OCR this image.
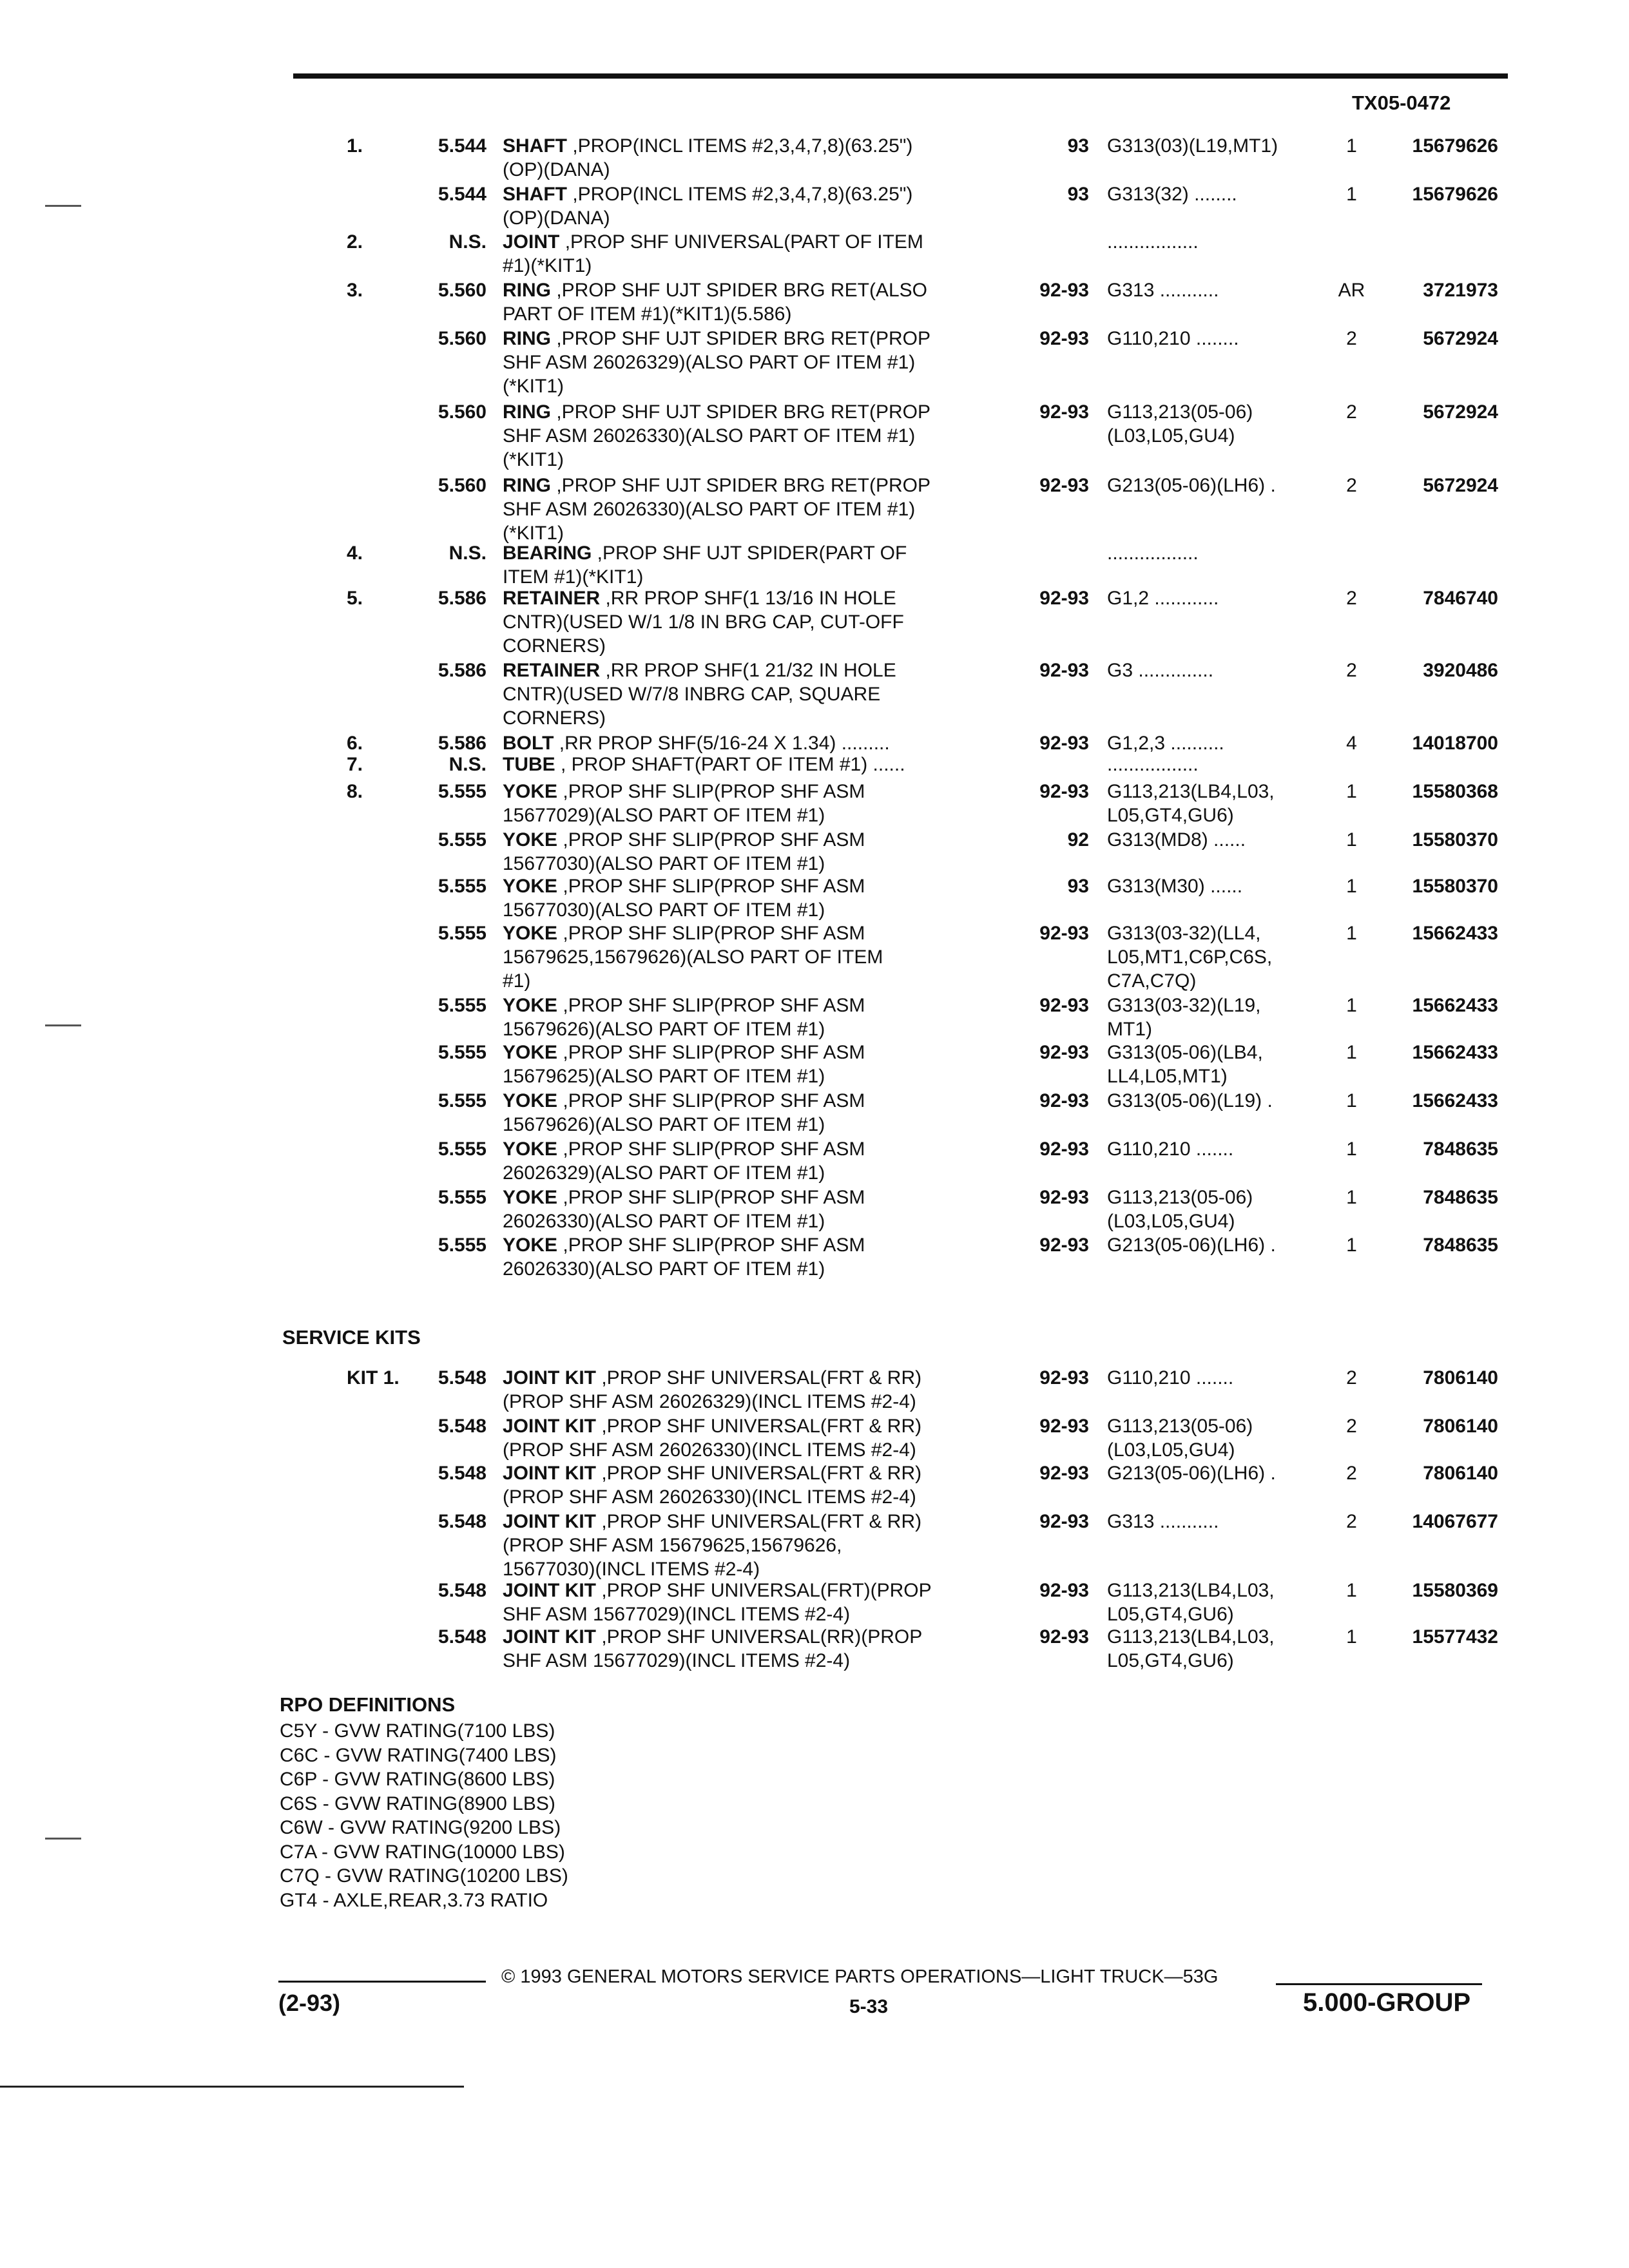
TX05-0472
1.	5.544 SHAFT ,PROP(INCL ITEMS #2,3,4,7,8)(63.25")
(OP)(DANA)
93 G313(03)(L19,MT1)	1	15679626
5.544 SHAFT ,PROP(INCL ITEMS #2,3,4,7,8)(63.25")
(OP)(DANA)
93 G313(32) ........	1	15679626
2.	N.S. JOINT ,PROP SHF UNIVERSAL(PART OF ITEM
#1)(*KIT1)
.................
3.	5.560 RING ,PROP SHF UJT SPIDER BRG RET(ALSO
PART OF ITEM #1)(*KIT1)(5.586)
92-93 G313 ...........	AR	3721973
5.560 RING ,PROP SHF UJT SPIDER BRG RET(PROP
SHF ASM 26026329)(ALSO PART OF ITEM #1)
(*KIT1)
92-93 G110,210 ........	2	5672924
5.560 RING ,PROP SHF UJT SPIDER BRG RET(PROP
SHF ASM 26026330)(ALSO PART OF ITEM #1)
(*KIT1)
92-93 G113,213(05-06)
(L03,L05,GU4)
2	5672924
5.560 RING ,PROP SHF UJT SPIDER BRG RET(PROP
SHF ASM 26026330)(ALSO PART OF ITEM #1)
(*KIT1)
92-93 G213(05-06)(LH6) .	2	5672924
4.	N.S. BEARING ,PROP SHF UJT SPIDER(PART OF
ITEM #1)(*KIT1)
.................
5.	5.586 RETAINER ,RR PROP SHF(1 13/16 IN HOLE
CNTR)(USED W/1 1/8 IN BRG CAP, CUT-OFF
CORNERS)
92-93 G1,2 ............	2	7846740
5.586 RETAINER ,RR PROP SHF(1 21/32 IN HOLE
CNTR)(USED W/7/8 INBRG CAP, SQUARE
CORNERS)
92-93 G3 ..............	2	3920486
6.	5.586 BOLT ,RR PROP SHF(5/16-24 X 1.34) .........	92-93 G1,2,3 ..........	4	14018700
7.	N.S. TUBE , PROP SHAFT(PART OF ITEM #1) ......	.................
8.	5.555 YOKE ,PROP SHF SLIP(PROP SHF ASM
15677029)(ALSO PART OF ITEM #1)
92-93 G113,213(LB4,L03,
L05,GT4,GU6)
1	15580368
5.555 YOKE ,PROP SHF SLIP(PROP SHF ASM
15677030)(ALSO PART OF ITEM #1)
92 G313(MD8) ......	1	15580370
5.555 YOKE ,PROP SHF SLIP(PROP SHF ASM
15677030)(ALSO PART OF ITEM #1)
93 G313(M30) ......	1	15580370
5.555 YOKE ,PROP SHF SLIP(PROP SHF ASM
15679625,15679626)(ALSO PART OF ITEM
#1)
92-93 G313(03-32)(LL4,
L05,MT1,C6P,C6S,
C7A,C7Q)
1	15662433
5.555 YOKE ,PROP SHF SLIP(PROP SHF ASM
15679626)(ALSO PART OF ITEM #1)
92-93 G313(03-32)(L19,
MT1)
1	15662433
5.555 YOKE ,PROP SHF SLIP(PROP SHF ASM
15679625)(ALSO PART OF ITEM #1)
92-93 G313(05-06)(LB4,
LL4,L05,MT1)
1	15662433
5.555 YOKE ,PROP SHF SLIP(PROP SHF ASM
15679626)(ALSO PART OF ITEM #1)
92-93 G313(05-06)(L19) .	1	15662433
5.555 YOKE ,PROP SHF SLIP(PROP SHF ASM
26026329)(ALSO PART OF ITEM #1)
92-93 G110,210 .......	1	7848635
5.555 YOKE ,PROP SHF SLIP(PROP SHF ASM
26026330)(ALSO PART OF ITEM #1)
92-93 G113,213(05-06)
(L03,L05,GU4)
1	7848635
5.555 YOKE ,PROP SHF SLIP(PROP SHF ASM
26026330)(ALSO PART OF ITEM #1)
92-93 G213(05-06)(LH6) .	1	7848635
SERVICE KITS
KIT 1.	5.548 JOINT KIT ,PROP SHF UNIVERSAL(FRT & RR)
(PROP SHF ASM 26026329)(INCL ITEMS #2-4)
92-93 G110,210 .......	2	7806140
5.548 JOINT KIT ,PROP SHF UNIVERSAL(FRT & RR)
(PROP SHF ASM 26026330)(INCL ITEMS #2-4)
92-93 G113,213(05-06)
(L03,L05,GU4)
2	7806140
5.548 JOINT KIT ,PROP SHF UNIVERSAL(FRT & RR)
(PROP SHF ASM 26026330)(INCL ITEMS #2-4)
92-93 G213(05-06)(LH6) .	2	7806140
5.548 JOINT KIT ,PROP SHF UNIVERSAL(FRT & RR)
(PROP SHF ASM 15679625,15679626,
15677030)(INCL ITEMS #2-4)
92-93 G313 ...........	2	14067677
5.548 JOINT KIT ,PROP SHF UNIVERSAL(FRT)(PROP
SHF ASM 15677029)(INCL ITEMS #2-4)
92-93 G113,213(LB4,L03,
L05,GT4,GU6)
1	15580369
5.548 JOINT KIT ,PROP SHF UNIVERSAL(RR)(PROP
SHF ASM 15677029)(INCL ITEMS #2-4)
92-93 G113,213(LB4,L03,
L05,GT4,GU6)
1	15577432
RPO DEFINITIONS
C5Y - GVW RATING(7100 LBS)
C6C - GVW RATING(7400 LBS)
C6P - GVW RATING(8600 LBS)
C6S - GVW RATING(8900 LBS)
C6W - GVW RATING(9200 LBS)
C7A - GVW RATING(10000 LBS)
C7Q - GVW RATING(10200 LBS)
GT4 - AXLE,REAR,3.73 RATIO
(2-93)
© 1993 GENERAL MOTORS SERVICE PARTS OPERATIONS—LIGHT TRUCK—53G
5-33	5.000-GROUP
